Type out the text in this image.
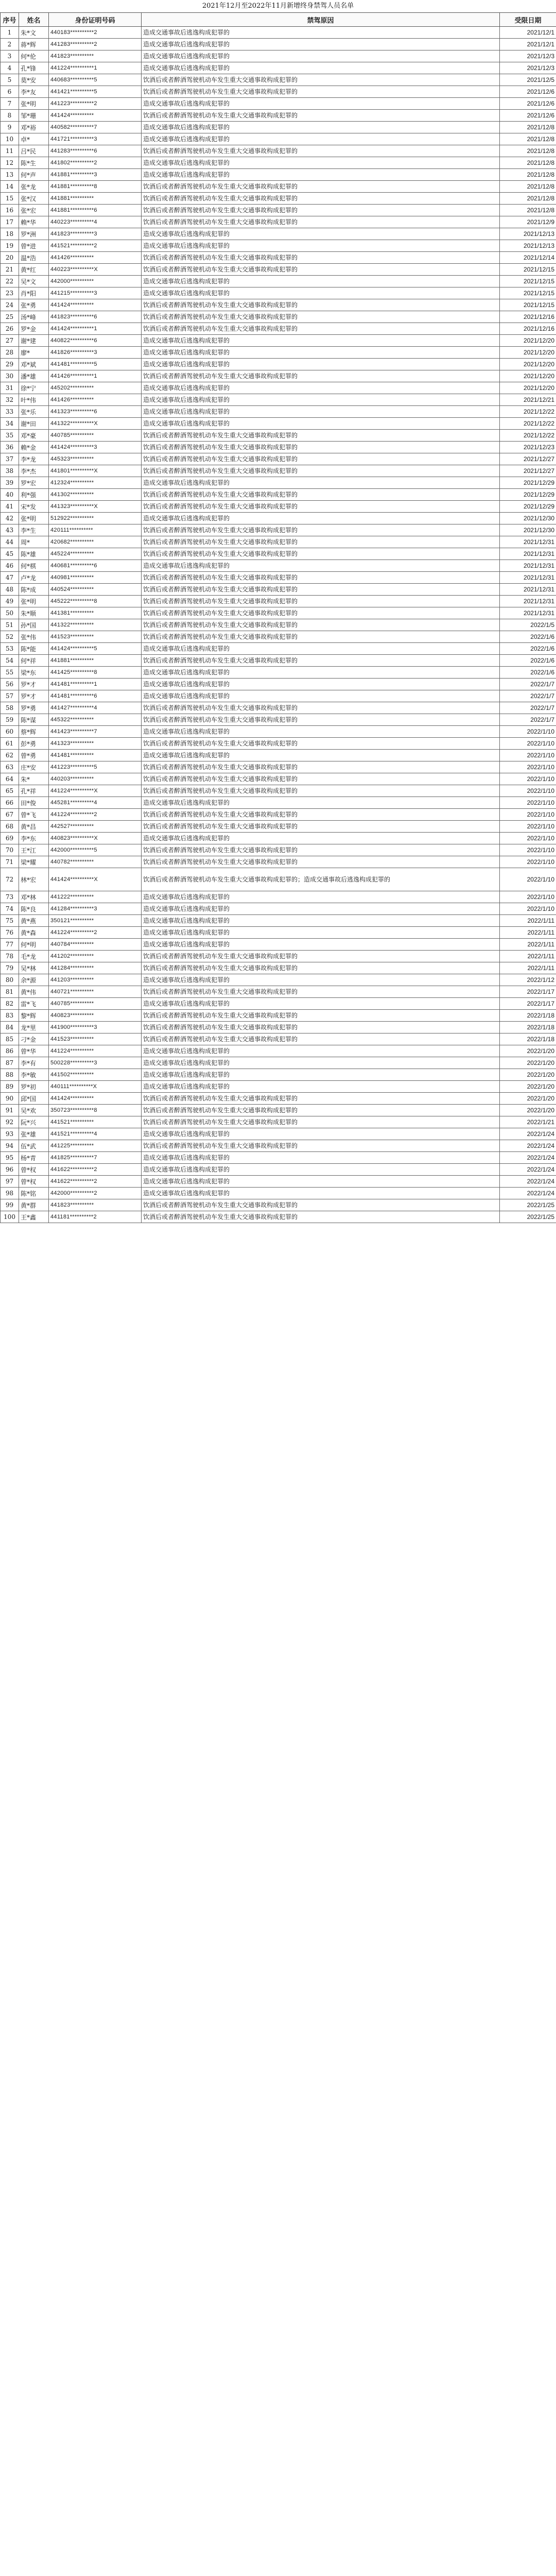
2021年12月至2022年11月新增终身禁驾人员名单
序号	姓名	身份证明号码	禁驾原因	受限日期
1	朱*文	440183**********2	造成交通事故后逃逸构成犯罪的	2021/12/1
2	蒋*辉	441283**********2	造成交通事故后逃逸构成犯罪的	2021/12/1
3	何*伦	441823**********	造成交通事故后逃逸构成犯罪的	2021/12/3
4	孔*锋	441224**********1	造成交通事故后逃逸构成犯罪的	2021/12/3
5	莫*安	440683**********5	饮酒后或者醉酒驾驶机动车发生重大交通事故构成犯罪的	2021/12/5
6	李*友	441421**********5	饮酒后或者醉酒驾驶机动车发生重大交通事故构成犯罪的	2021/12/6
7	张*明	441223**********2	造成交通事故后逃逸构成犯罪的	2021/12/6
8	邹*珊	441424**********	饮酒后或者醉酒驾驶机动车发生重大交通事故构成犯罪的	2021/12/6
9	邓*裕	440582**********7	造成交通事故后逃逸构成犯罪的	2021/12/8
10	卓*	441721**********3	造成交通事故后逃逸构成犯罪的	2021/12/8
11	吕*民	441283**********6	饮酒后或者醉酒驾驶机动车发生重大交通事故构成犯罪的	2021/12/8
12	陈*生	441802**********2	造成交通事故后逃逸构成犯罪的	2021/12/8
13	何*声	441881**********3	造成交通事故后逃逸构成犯罪的	2021/12/8
14	张*龙	441881**********8	饮酒后或者醉酒驾驶机动车发生重大交通事故构成犯罪的	2021/12/8
15	张*汉	441881**********	饮酒后或者醉酒驾驶机动车发生重大交通事故构成犯罪的	2021/12/8
16	张*宏	441881**********6	饮酒后或者醉酒驾驶机动车发生重大交通事故构成犯罪的	2021/12/8
17	赖*华	440223**********4	饮酒后或者醉酒驾驶机动车发生重大交通事故构成犯罪的	2021/12/9
18	罗*洲	441823**********3	造成交通事故后逃逸构成犯罪的	2021/12/13
19	曾*进	441521**********2	造成交通事故后逃逸构成犯罪的	2021/12/13
20	温*浩	441426**********	饮酒后或者醉酒驾驶机动车发生重大交通事故构成犯罪的	2021/12/14
21	黄*红	440223**********X	饮酒后或者醉酒驾驶机动车发生重大交通事故构成犯罪的	2021/12/15
22	吴*文	442000**********	造成交通事故后逃逸构成犯罪的	2021/12/15
23	肖*阳	441215**********3	造成交通事故后逃逸构成犯罪的	2021/12/15
24	张*勇	441424**********	饮酒后或者醉酒驾驶机动车发生重大交通事故构成犯罪的	2021/12/15
25	汤*峰	441823**********6	饮酒后或者醉酒驾驶机动车发生重大交通事故构成犯罪的	2021/12/16
26	罗*金	441424**********1	饮酒后或者醉酒驾驶机动车发生重大交通事故构成犯罪的	2021/12/16
27	谢*建	440822**********6	造成交通事故后逃逸构成犯罪的	2021/12/20
28	廖*	441826**********3	造成交通事故后逃逸构成犯罪的	2021/12/20
29	邓*斌	441481**********5	造成交通事故后逃逸构成犯罪的	2021/12/20
30	潘*雄	441426**********1	饮酒后或者醉酒驾驶机动车发生重大交通事故构成犯罪的	2021/12/20
31	徐*宁	445202**********	造成交通事故后逃逸构成犯罪的	2021/12/20
32	叶*伟	441426**********	造成交通事故后逃逸构成犯罪的	2021/12/21
33	张*乐	441323**********6	造成交通事故后逃逸构成犯罪的	2021/12/22
34	谢*田	441322**********X	造成交通事故后逃逸构成犯罪的	2021/12/22
35	邓*豪	440785**********	饮酒后或者醉酒驾驶机动车发生重大交通事故构成犯罪的	2021/12/22
36	赖*金	441424**********3	饮酒后或者醉酒驾驶机动车发生重大交通事故构成犯罪的	2021/12/23
37	李*龙	445323**********	饮酒后或者醉酒驾驶机动车发生重大交通事故构成犯罪的	2021/12/27
38	李*杰	441801**********X	饮酒后或者醉酒驾驶机动车发生重大交通事故构成犯罪的	2021/12/27
39	罗*宏	412324**********	造成交通事故后逃逸构成犯罪的	2021/12/29
40	利*强	441302**********	饮酒后或者醉酒驾驶机动车发生重大交通事故构成犯罪的	2021/12/29
41	宋*发	441323**********X	饮酒后或者醉酒驾驶机动车发生重大交通事故构成犯罪的	2021/12/29
42	张*明	512922**********	造成交通事故后逃逸构成犯罪的	2021/12/30
43	李*生	420111**********	饮酒后或者醉酒驾驶机动车发生重大交通事故构成犯罪的	2021/12/30
44	周*	420682**********	饮酒后或者醉酒驾驶机动车发生重大交通事故构成犯罪的	2021/12/31
45	陈*雄	445224**********	饮酒后或者醉酒驾驶机动车发生重大交通事故构成犯罪的	2021/12/31
46	何*棋	440681**********6	造成交通事故后逃逸构成犯罪的	2021/12/31
47	卢*龙	440981**********	饮酒后或者醉酒驾驶机动车发生重大交通事故构成犯罪的	2021/12/31
48	陈*成	440524**********	饮酒后或者醉酒驾驶机动车发生重大交通事故构成犯罪的	2021/12/31
49	张*明	445222**********8	饮酒后或者醉酒驾驶机动车发生重大交通事故构成犯罪的	2021/12/31
50	朱*顺	441381**********	饮酒后或者醉酒驾驶机动车发生重大交通事故构成犯罪的	2021/12/31
51	孙*国	441322**********	饮酒后或者醉酒驾驶机动车发生重大交通事故构成犯罪的	2022/1/5
52	张*伟	441523**********	饮酒后或者醉酒驾驶机动车发生重大交通事故构成犯罪的	2022/1/6
53	陈*能	441424**********5	造成交通事故后逃逸构成犯罪的	2022/1/6
54	何*祥	441881**********	饮酒后或者醉酒驾驶机动车发生重大交通事故构成犯罪的	2022/1/6
55	梁*东	441425**********8	造成交通事故后逃逸构成犯罪的	2022/1/6
56	罗*才	441481**********1	造成交通事故后逃逸构成犯罪的	2022/1/7
57	罗*才	441481**********6	造成交通事故后逃逸构成犯罪的	2022/1/7
58	罗*勇	441427**********4	饮酒后或者醉酒驾驶机动车发生重大交通事故构成犯罪的	2022/1/7
59	陈*谋	445322**********	饮酒后或者醉酒驾驶机动车发生重大交通事故构成犯罪的	2022/1/7
60	蔡*辉	441423**********7	造成交通事故后逃逸构成犯罪的	2022/1/10
61	彭*勇	441323**********	饮酒后或者醉酒驾驶机动车发生重大交通事故构成犯罪的	2022/1/10
62	曾*勇	441481**********	造成交通事故后逃逸构成犯罪的	2022/1/10
63	庄*安	441223**********5	饮酒后或者醉酒驾驶机动车发生重大交通事故构成犯罪的	2022/1/10
64	朱*	440203**********	饮酒后或者醉酒驾驶机动车发生重大交通事故构成犯罪的	2022/1/10
65	孔*祥	441224**********X	饮酒后或者醉酒驾驶机动车发生重大交通事故构成犯罪的	2022/1/10
66	田*俊	445281**********4	造成交通事故后逃逸构成犯罪的	2022/1/10
67	曾*飞	441224**********2	饮酒后或者醉酒驾驶机动车发生重大交通事故构成犯罪的	2022/1/10
68	黄*昌	442527**********	饮酒后或者醉酒驾驶机动车发生重大交通事故构成犯罪的	2022/1/10
69	李*东	440823**********X	造成交通事故后逃逸构成犯罪的	2022/1/10
70	王*江	442000**********5	饮酒后或者醉酒驾驶机动车发生重大交通事故构成犯罪的	2022/1/10
71	梁*耀	440782**********	饮酒后或者醉酒驾驶机动车发生重大交通事故构成犯罪的	2022/1/10
72	林*宏	441424**********X	饮酒后或者醉酒驾驶机动车发生重大交通事故构成犯罪的；造成交通事故后逃逸构成犯罪的	2022/1/10
73	邓*林	441222**********	造成交通事故后逃逸构成犯罪的	2022/1/10
74	陈*良	441284**********3	造成交通事故后逃逸构成犯罪的	2022/1/10
75	黄*燕	350121**********	造成交通事故后逃逸构成犯罪的	2022/1/11
76	黄*森	441224**********2	造成交通事故后逃逸构成犯罪的	2022/1/11
77	何*明	440784**********	造成交通事故后逃逸构成犯罪的	2022/1/11
78	毛*龙	441202**********	饮酒后或者醉酒驾驶机动车发生重大交通事故构成犯罪的	2022/1/11
79	吴*林	441284**********	饮酒后或者醉酒驾驶机动车发生重大交通事故构成犯罪的	2022/1/11
80	余*源	441203**********	造成交通事故后逃逸构成犯罪的	2022/1/12
81	黄*伟	440721**********	饮酒后或者醉酒驾驶机动车发生重大交通事故构成犯罪的	2022/1/17
82	雷*飞	440785**********	造成交通事故后逃逸构成犯罪的	2022/1/17
83	黎*辉	440823**********	饮酒后或者醉酒驾驶机动车发生重大交通事故构成犯罪的	2022/1/18
84	龙*里	441900**********3	饮酒后或者醉酒驾驶机动车发生重大交通事故构成犯罪的	2022/1/18
85	刁*金	441523**********	饮酒后或者醉酒驾驶机动车发生重大交通事故构成犯罪的	2022/1/18
86	曾*华	441224**********	造成交通事故后逃逸构成犯罪的	2022/1/20
87	李*有	500228**********3	造成交通事故后逃逸构成犯罪的	2022/1/20
88	李*敏	441502**********	造成交通事故后逃逸构成犯罪的	2022/1/20
89	罗*初	440111**********X	造成交通事故后逃逸构成犯罪的	2022/1/20
90	邱*国	441424**********	饮酒后或者醉酒驾驶机动车发生重大交通事故构成犯罪的	2022/1/20
91	吴*欢	350723**********8	饮酒后或者醉酒驾驶机动车发生重大交通事故构成犯罪的	2022/1/20
92	阮*兴	441521**********	饮酒后或者醉酒驾驶机动车发生重大交通事故构成犯罪的	2022/1/21
93	张*雄	441521**********4	造成交通事故后逃逸构成犯罪的	2022/1/24
94	伍*武	441225**********	饮酒后或者醉酒驾驶机动车发生重大交通事故构成犯罪的	2022/1/24
95	杨*青	441825**********7	造成交通事故后逃逸构成犯罪的	2022/1/24
96	曾*权	441622**********2	造成交通事故后逃逸构成犯罪的	2022/1/24
97	曾*权	441622**********2	造成交通事故后逃逸构成犯罪的	2022/1/24
98	陈*铭	442000**********2	造成交通事故后逃逸构成犯罪的	2022/1/24
99	黄*群	441823**********	饮酒后或者醉酒驾驶机动车发生重大交通事故构成犯罪的	2022/1/25
100	王*鑫	441181**********2	饮酒后或者醉酒驾驶机动车发生重大交通事故构成犯罪的	2022/1/25
